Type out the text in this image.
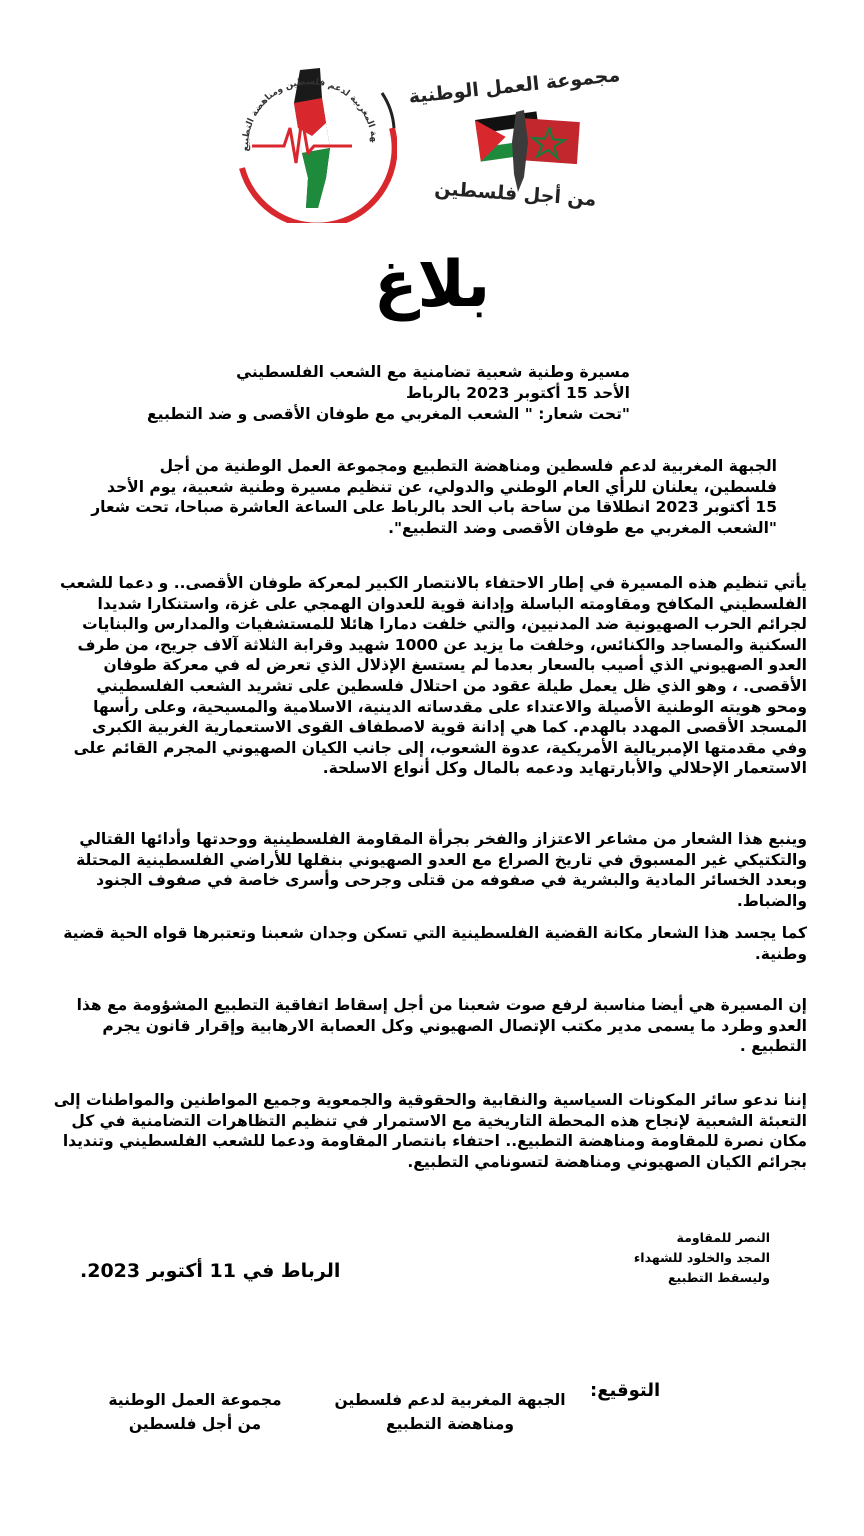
هة المغربية لدعم فلسطين ومناهضة التطبيع
مجموعة العمل الوطنية
من أجل فلسطين
بلاغ
مسيرة وطنية شعبية تضامنية مع الشعب الفلسطيني
الأحد 15 أكتوبر 2023 بالرباط
"تحت شعار: " الشعب المغربي مع طوفان الأقصى و ضد التطبيع

الجبهة المغربية لدعم فلسطين ومناهضة التطبيع ومجموعة العمل الوطنية من أجل فلسطين، يعلنان للرأي العام الوطني والدولي، عن تنظيم مسيرة وطنية شعبية، يوم الأحد 15 أكتوبر 2023 انطلاقا من ساحة باب الحد بالرباط على الساعة العاشرة صباحا، تحت شعار "الشعب المغربي مع طوفان الأقصى وضد التطبيع".

يأتي تنظيم هذه المسيرة في إطار الاحتفاء بالانتصار الكبير لمعركة طوفان الأقصى.. و دعما للشعب الفلسطيني المكافح ومقاومته الباسلة وإدانة قوية للعدوان الهمجي على غزة، واستنكارا شديدا لجرائم الحرب الصهيونية ضد المدنيين، والتي خلفت دمارا هائلا للمستشفيات والمدارس والبنايات السكنية والمساجد والكنائس، وخلفت ما يزيد عن 1000 شهيد وقرابة الثلاثة آلاف جريح، من طرف العدو الصهيوني الذي أصيب بالسعار بعدما لم يستسغ الإذلال الذي تعرض له في معركة طوفان الأقصى. ، وهو الذي ظل يعمل طيلة عقود من احتلال فلسطين على تشريد الشعب الفلسطيني ومحو هويته الوطنية الأصيلة والاعتداء على مقدساته الدينية، الاسلامية والمسيحية، وعلى رأسها المسجد الأقصى المهدد بالهدم. كما هي إدانة قوية لاصطفاف القوى الاستعمارية الغربية الكبرى وفي مقدمتها الإمبريالية الأمريكية، عدوة الشعوب، إلى جانب الكيان الصهيوني المجرم القائم على الاستعمار الإحلالي والأبارتهايد ودعمه بالمال وكل أنواع الاسلحة.

وينبع هذا الشعار من مشاعر الاعتزاز والفخر بجرأة المقاومة الفلسطينية ووحدتها وأدائها القتالي والتكتيكي غير المسبوق في تاريخ الصراع مع العدو الصهيوني بنقلها للأراضي الفلسطينية المحتلة وبعدد الخسائر المادية والبشرية في صفوفه من قتلى وجرحى وأسرى خاصة في صفوف الجنود والضباط.

كما يجسد هذا الشعار مكانة القضية الفلسطينية التي تسكن وجدان شعبنا وتعتبرها قواه الحية قضية وطنية.

إن المسيرة هي أيضا مناسبة لرفع صوت شعبنا من أجل إسقاط اتفاقية التطبيع المشؤومة مع هذا العدو وطرد ما يسمى مدير مكتب الإتصال الصهيوني وكل العصابة الارهابية وإقرار قانون يجرم التطبيع .

إننا ندعو سائر المكونات السياسية والنقابية والحقوقية والجمعوية وجميع المواطنين والمواطنات إلى التعبئة الشعبية لإنجاح هذه المحطة التاريخية مع الاستمرار في تنظيم التظاهرات التضامنية في كل مكان نصرة للمقاومة ومناهضة التطبيع.. احتفاء بانتصار المقاومة ودعما للشعب الفلسطيني وتنديدا بجرائم الكيان الصهيوني ومناهضة لتسونامي التطبيع.

النصر للمقاومة
المجد والخلود للشهداء
وليسقط التطبيع
الرباط في 11 أكتوبر 2023.
التوقيع:
الجبهة المغربية لدعم فلسطين
ومناهضة التطبيع
مجموعة العمل الوطنية
من أجل فلسطين
